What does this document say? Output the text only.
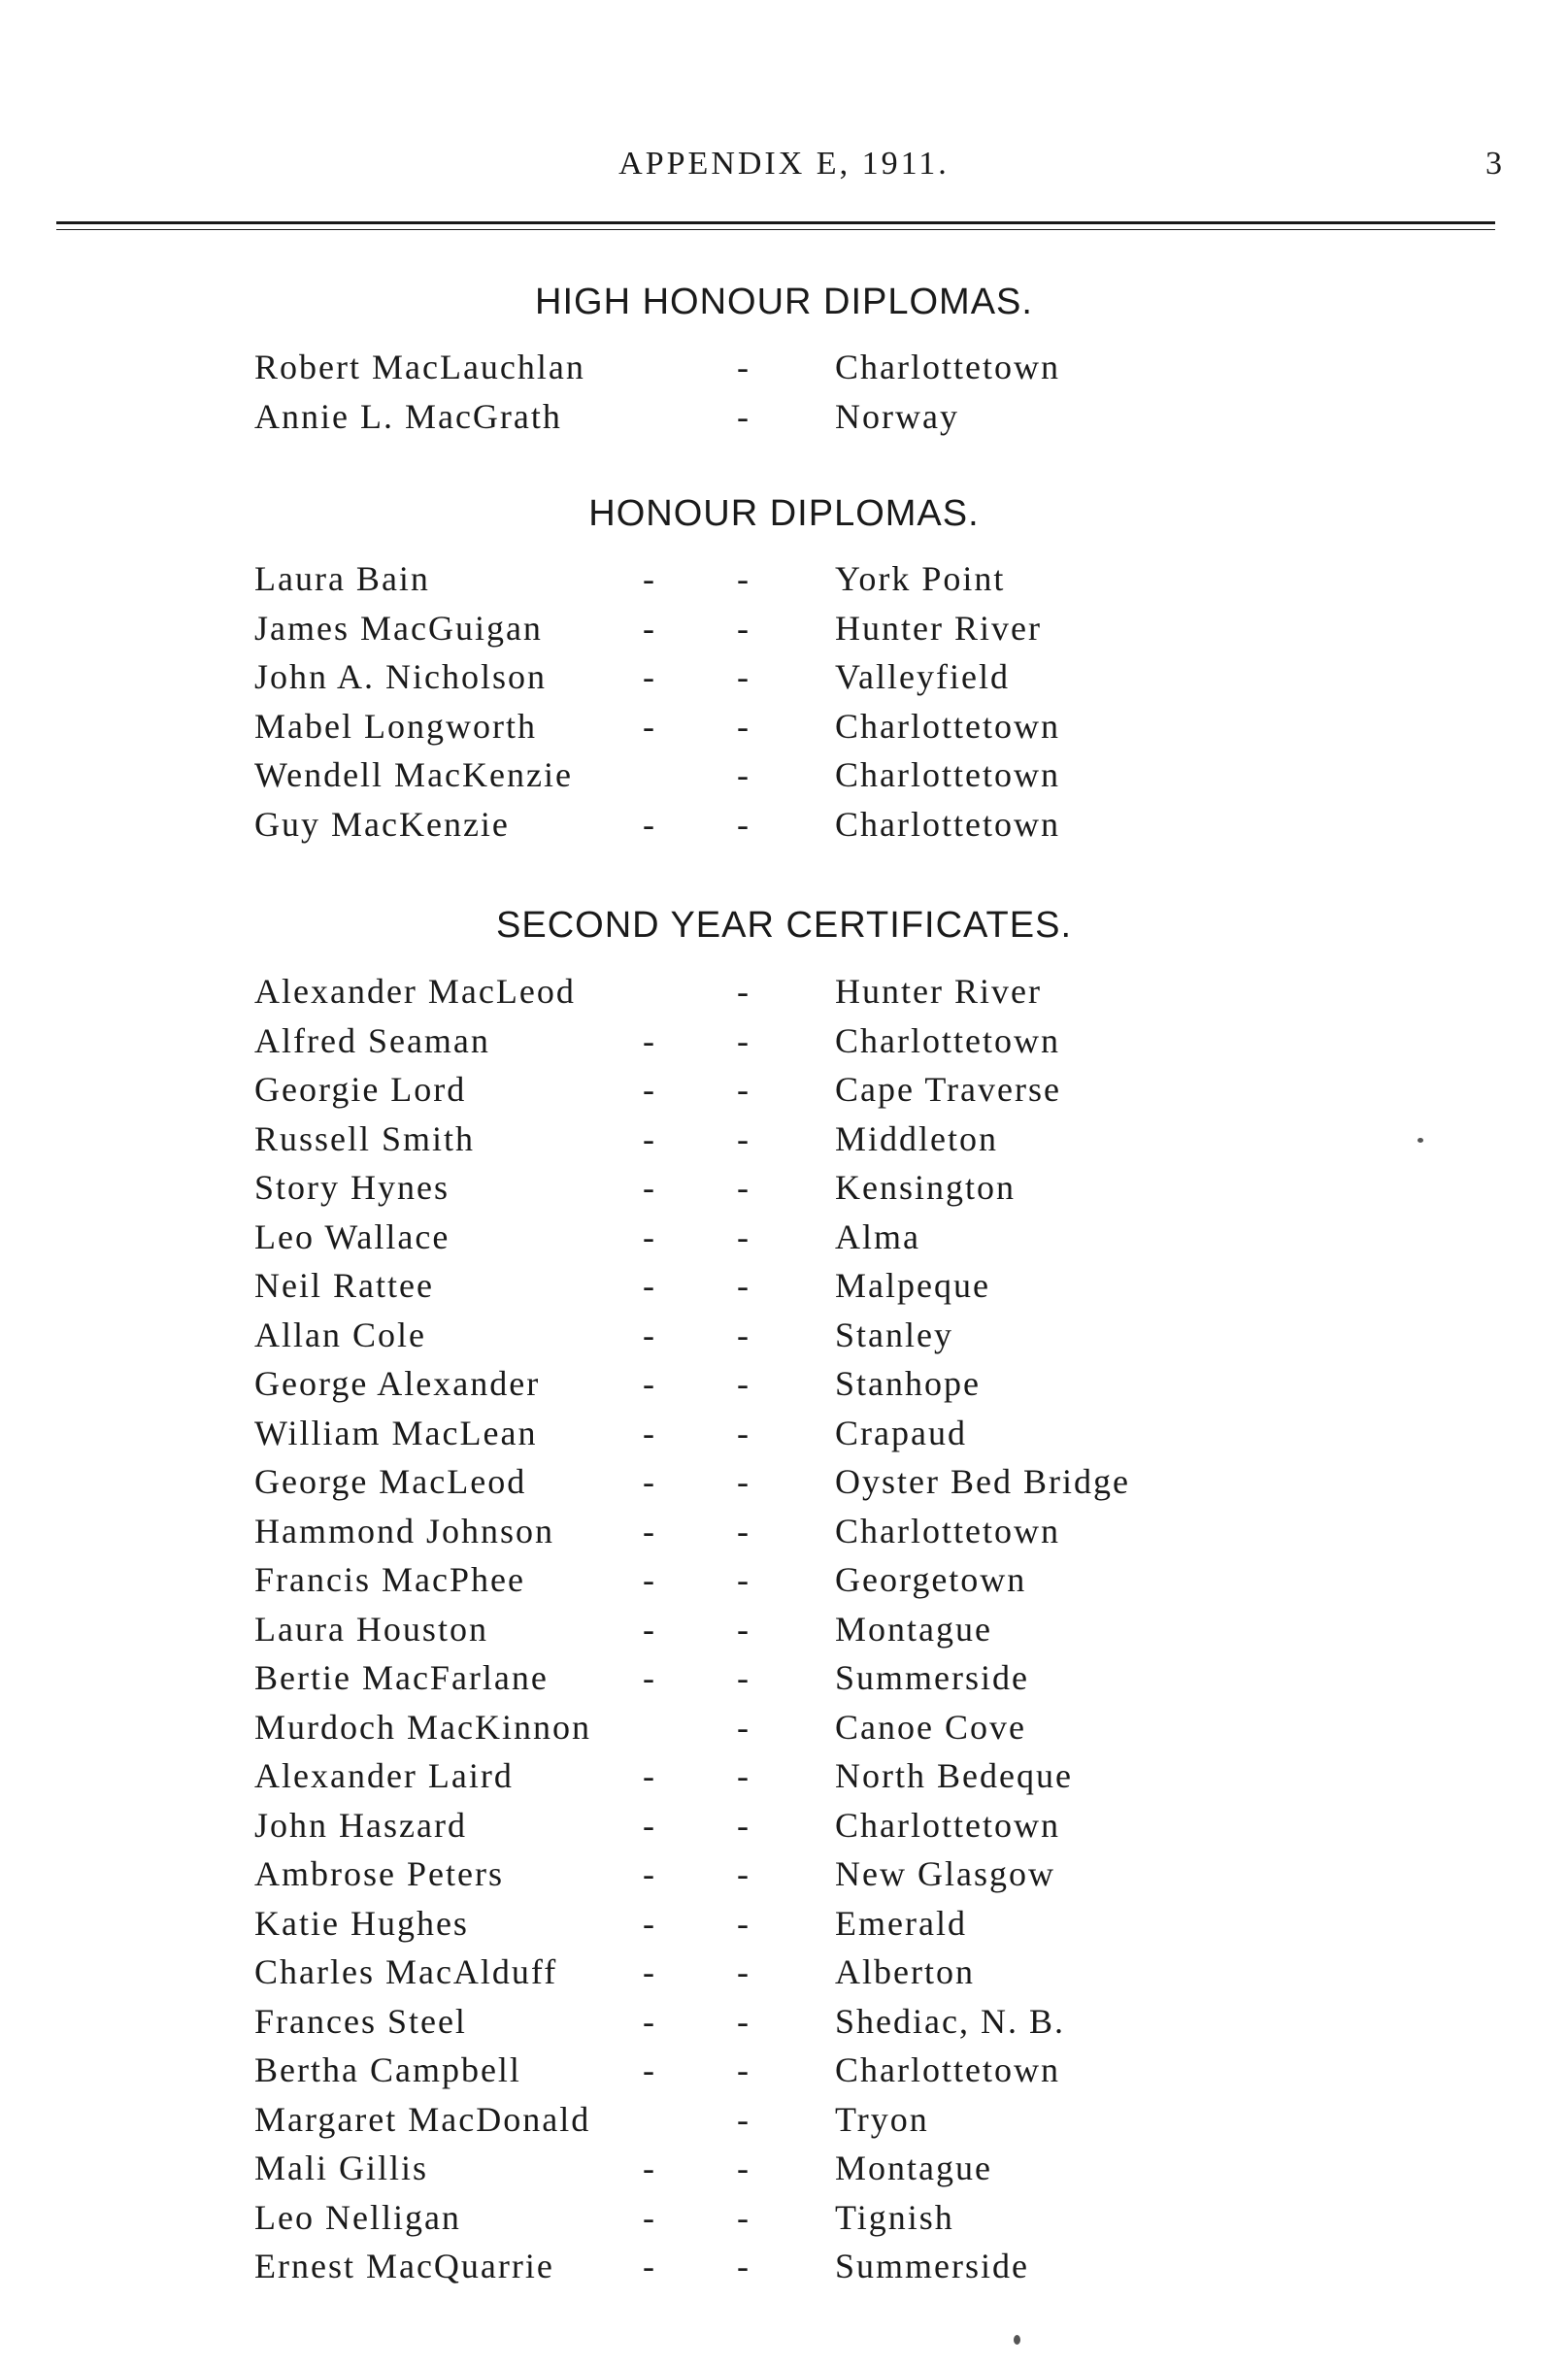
APPENDIX E, 1911.	3
HIGH HONOUR DIPLOMAS.
Robert MacLauchlan	- Charlottetown
Annie L. MacGrath	- Norway
HONOUR DIPLOMAS.
Laura Bain	- - York Point
James MacGuigan	- - Hunter River
John A. Nicholson	- - Valleyfield
Mabel Longworth	- - Charlottetown
Wendell MacKenzie	- Charlottetown
Guy MacKenzie	- - Charlottetown
SECOND YEAR CERTIFICATES.
Alexander MacLeod	- Hunter River
Alfred Seaman	- - Charlottetown
Georgie Lord	- - Cape Traverse
Russell Smith	- - Middleton
Story Hynes	- - Kensington
Leo Wallace	- - Alma
Neil Rattee	- - Malpeque
Allan Cole	- - Stanley
George Alexander	- - Stanhope
William MacLean	- - Crapaud
George MacLeod	- - Oyster Bed Bridge
Hammond Johnson	- - Charlottetown
Francis MacPhee	- - Georgetown
Laura Houston	- - Montague
Bertie MacFarlane	- - Summerside
Murdoch MacKinnon	- Canoe Cove
Alexander Laird	- - North Bedeque
John Haszard	- - Charlottetown
Ambrose Peters	- - New Glasgow
Katie Hughes	- - Emerald
Charles MacAlduff - - Alberton
Frances Steel	- - Shediac, N. B.
Bertha Campbell	- - Charlottetown
Margaret MacDonald	- Tryon
Mali Gillis	- - Montague
Leo Nelligan	- - Tignish
Ernest MacQuarrie	- - Summerside
